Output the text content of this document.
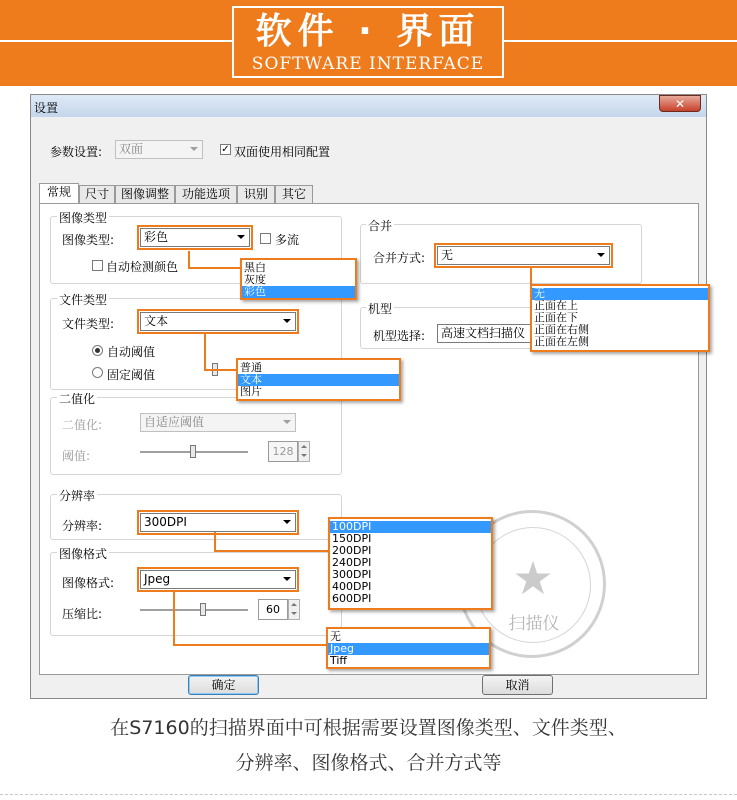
软件 · 界面
SOFTWARE INTERFACE
设置	✕
参数设置:	双面	✓ 双面使用相同配置
常规	尺寸 图像调整	功能选项	识别	其它
图像类型
图像类型:	彩色	多流
自动检测颜色
文件类型
文件类型:	文本
自动阈值
固定阈值
二值化
二值化:	自适应阈值
阈值:	128
分辨率
分辨率:	300DPI
图像格式
图像格式:	Jpeg
压缩比:	60
合并
合并方式:	无
机型
机型选择:	高速文档扫描仪
确定	取消
★
扫描仪
黑白
灰度
彩色
普通
文本
图片
100DPI
150DPI
200DPI
240DPI
300DPI
400DPI
600DPI
无
Jpeg
Tiff
无
正面在上
正面在下
正面在右侧
正面在左侧
在S7160的扫描界面中可根据需要设置图像类型、文件类型、
分辨率、图像格式、合并方式等
